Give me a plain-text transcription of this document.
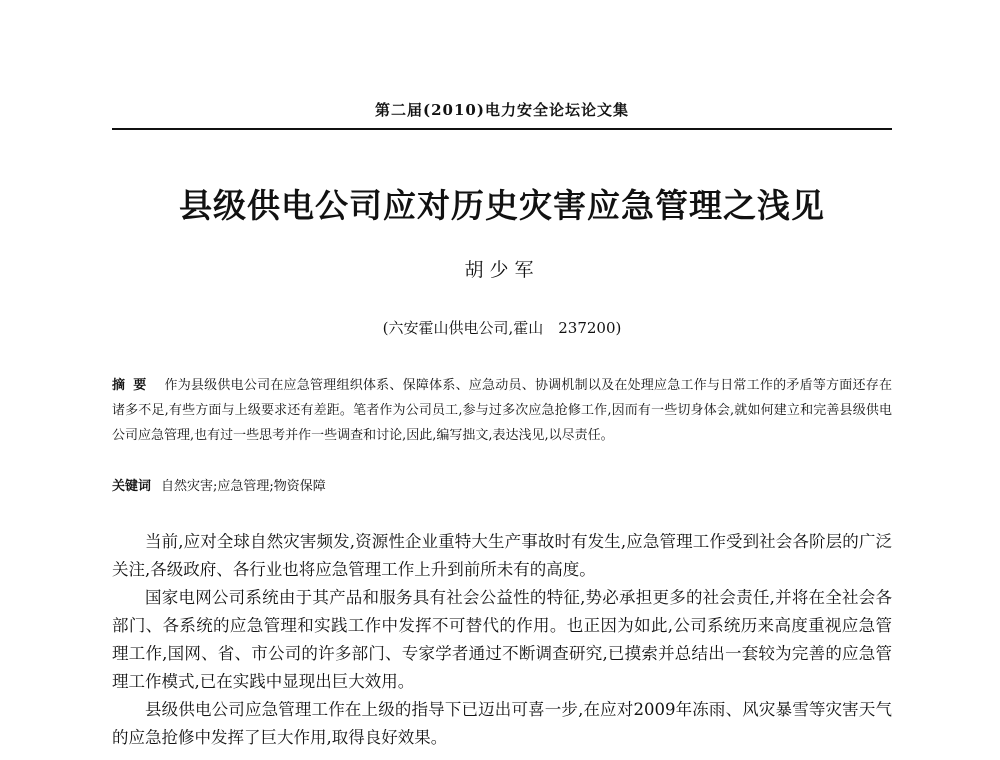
第二届(2010)电力安全论坛论文集
县级供电公司应对历史灾害应急管理之浅见
胡少军
(六安霍山供电公司,霍山　237200)
摘要 作为县级供电公司在应急管理组织体系、保障体系、应急动员、协调机制以及在处理应急工作与日常工作的矛盾等方面还存在诸多不足,有些方面与上级要求还有差距。笔者作为公司员工,参与过多次应急抢修工作,因而有一些切身体会,就如何建立和完善县级供电公司应急管理,也有过一些思考并作一些调查和讨论,因此,编写拙文,表达浅见,以尽责任。
关键词 自然灾害;应急管理;物资保障

当前,应对全球自然灾害频发,资源性企业重特大生产事故时有发生,应急管理工作受到社会各阶层的广泛关注,各级政府、各行业也将应急管理工作上升到前所未有的高度。

国家电网公司系统由于其产品和服务具有社会公益性的特征,势必承担更多的社会责任,并将在全社会各部门、各系统的应急管理和实践工作中发挥不可替代的作用。也正因为如此,公司系统历来高度重视应急管理工作,国网、省、市公司的许多部门、专家学者通过不断调查研究,已摸索并总结出一套较为完善的应急管理工作模式,已在实践中显现出巨大效用。

县级供电公司应急管理工作在上级的指导下已迈出可喜一步,在应对2009年冻雨、风灾暴雪等灾害天气的应急抢修中发挥了巨大作用,取得良好效果。
